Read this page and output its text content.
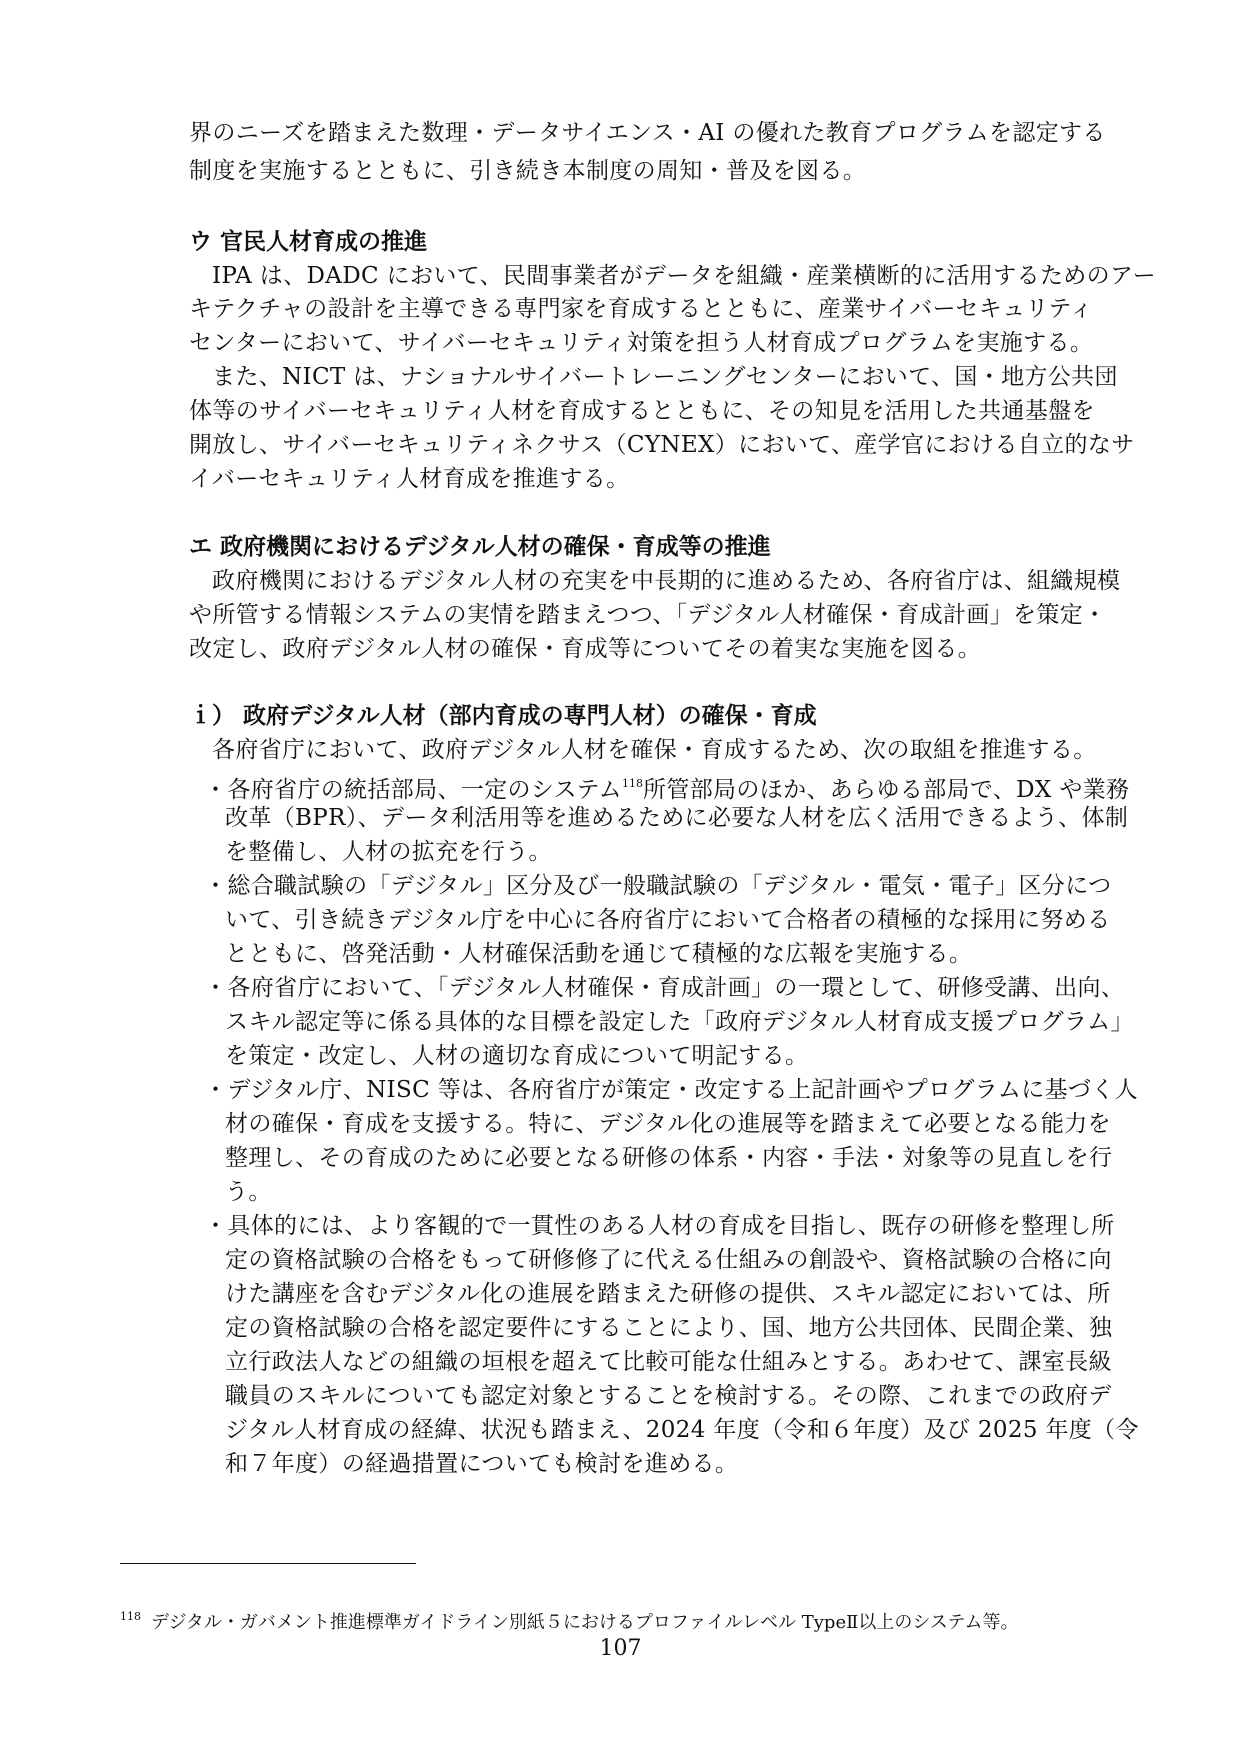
界のニーズを踏まえた数理・データサイエンス・AI の優れた教育プログラムを認定する
制度を実施するとともに、引き続き本制度の周知・普及を図る。
ウ 官民人材育成の推進
IPA は、DADC において、民間事業者がデータを組織・産業横断的に活用するためのアー
キテクチャの設計を主導できる専門家を育成するとともに、産業サイバーセキュリティ
センターにおいて、サイバーセキュリティ対策を担う人材育成プログラムを実施する。
また、NICT は、ナショナルサイバートレーニングセンターにおいて、国・地方公共団
体等のサイバーセキュリティ人材を育成するとともに、その知見を活用した共通基盤を
開放し、サイバーセキュリティネクサス（CYNEX）において、産学官における自立的なサ
イバーセキュリティ人材育成を推進する。
エ 政府機関におけるデジタル人材の確保・育成等の推進
政府機関におけるデジタル人材の充実を中長期的に進めるため、各府省庁は、組織規模
や所管する情報システムの実情を踏まえつつ、「デジタル人材確保・育成計画」を策定・
改定し、政府デジタル人材の確保・育成等についてその着実な実施を図る。
ｉ） 政府デジタル人材（部内育成の専門人材）の確保・育成
各府省庁において、政府デジタル人材を確保・育成するため、次の取組を推進する。
・各府省庁の統括部局、一定のシステム$^{118}$所管部局のほか、あらゆる部局で、DX や業務
改革（BPR）、データ利活用等を進めるために必要な人材を広く活用できるよう、体制
を整備し、人材の拡充を行う。
・総合職試験の「デジタル」区分及び一般職試験の「デジタル・電気・電子」区分につ
いて、引き続きデジタル庁を中心に各府省庁において合格者の積極的な採用に努める
とともに、啓発活動・人材確保活動を通じて積極的な広報を実施する。
・各府省庁において、「デジタル人材確保・育成計画」の一環として、研修受講、出向、
スキル認定等に係る具体的な目標を設定した「政府デジタル人材育成支援プログラム」
を策定・改定し、人材の適切な育成について明記する。
・デジタル庁、NISC 等は、各府省庁が策定・改定する上記計画やプログラムに基づく人
材の確保・育成を支援する。特に、デジタル化の進展等を踏まえて必要となる能力を
整理し、その育成のために必要となる研修の体系・内容・手法・対象等の見直しを行
う。
・具体的には、より客観的で一貫性のある人材の育成を目指し、既存の研修を整理し所
定の資格試験の合格をもって研修修了に代える仕組みの創設や、資格試験の合格に向
けた講座を含むデジタル化の進展を踏まえた研修の提供、スキル認定においては、所
定の資格試験の合格を認定要件にすることにより、国、地方公共団体、民間企業、独
立行政法人などの組織の垣根を超えて比較可能な仕組みとする。あわせて、課室長級
職員のスキルについても認定対象とすることを検討する。その際、これまでの政府デ
ジタル人材育成の経緯、状況も踏まえ、2024 年度（令和６年度）及び 2025 年度（令
和７年度）の経過措置についても検討を進める。
$^{118}$ デジタル・ガバメント推進標準ガイドライン別紙５におけるプロファイルレベル TypeⅡ以上のシステム等。
107
